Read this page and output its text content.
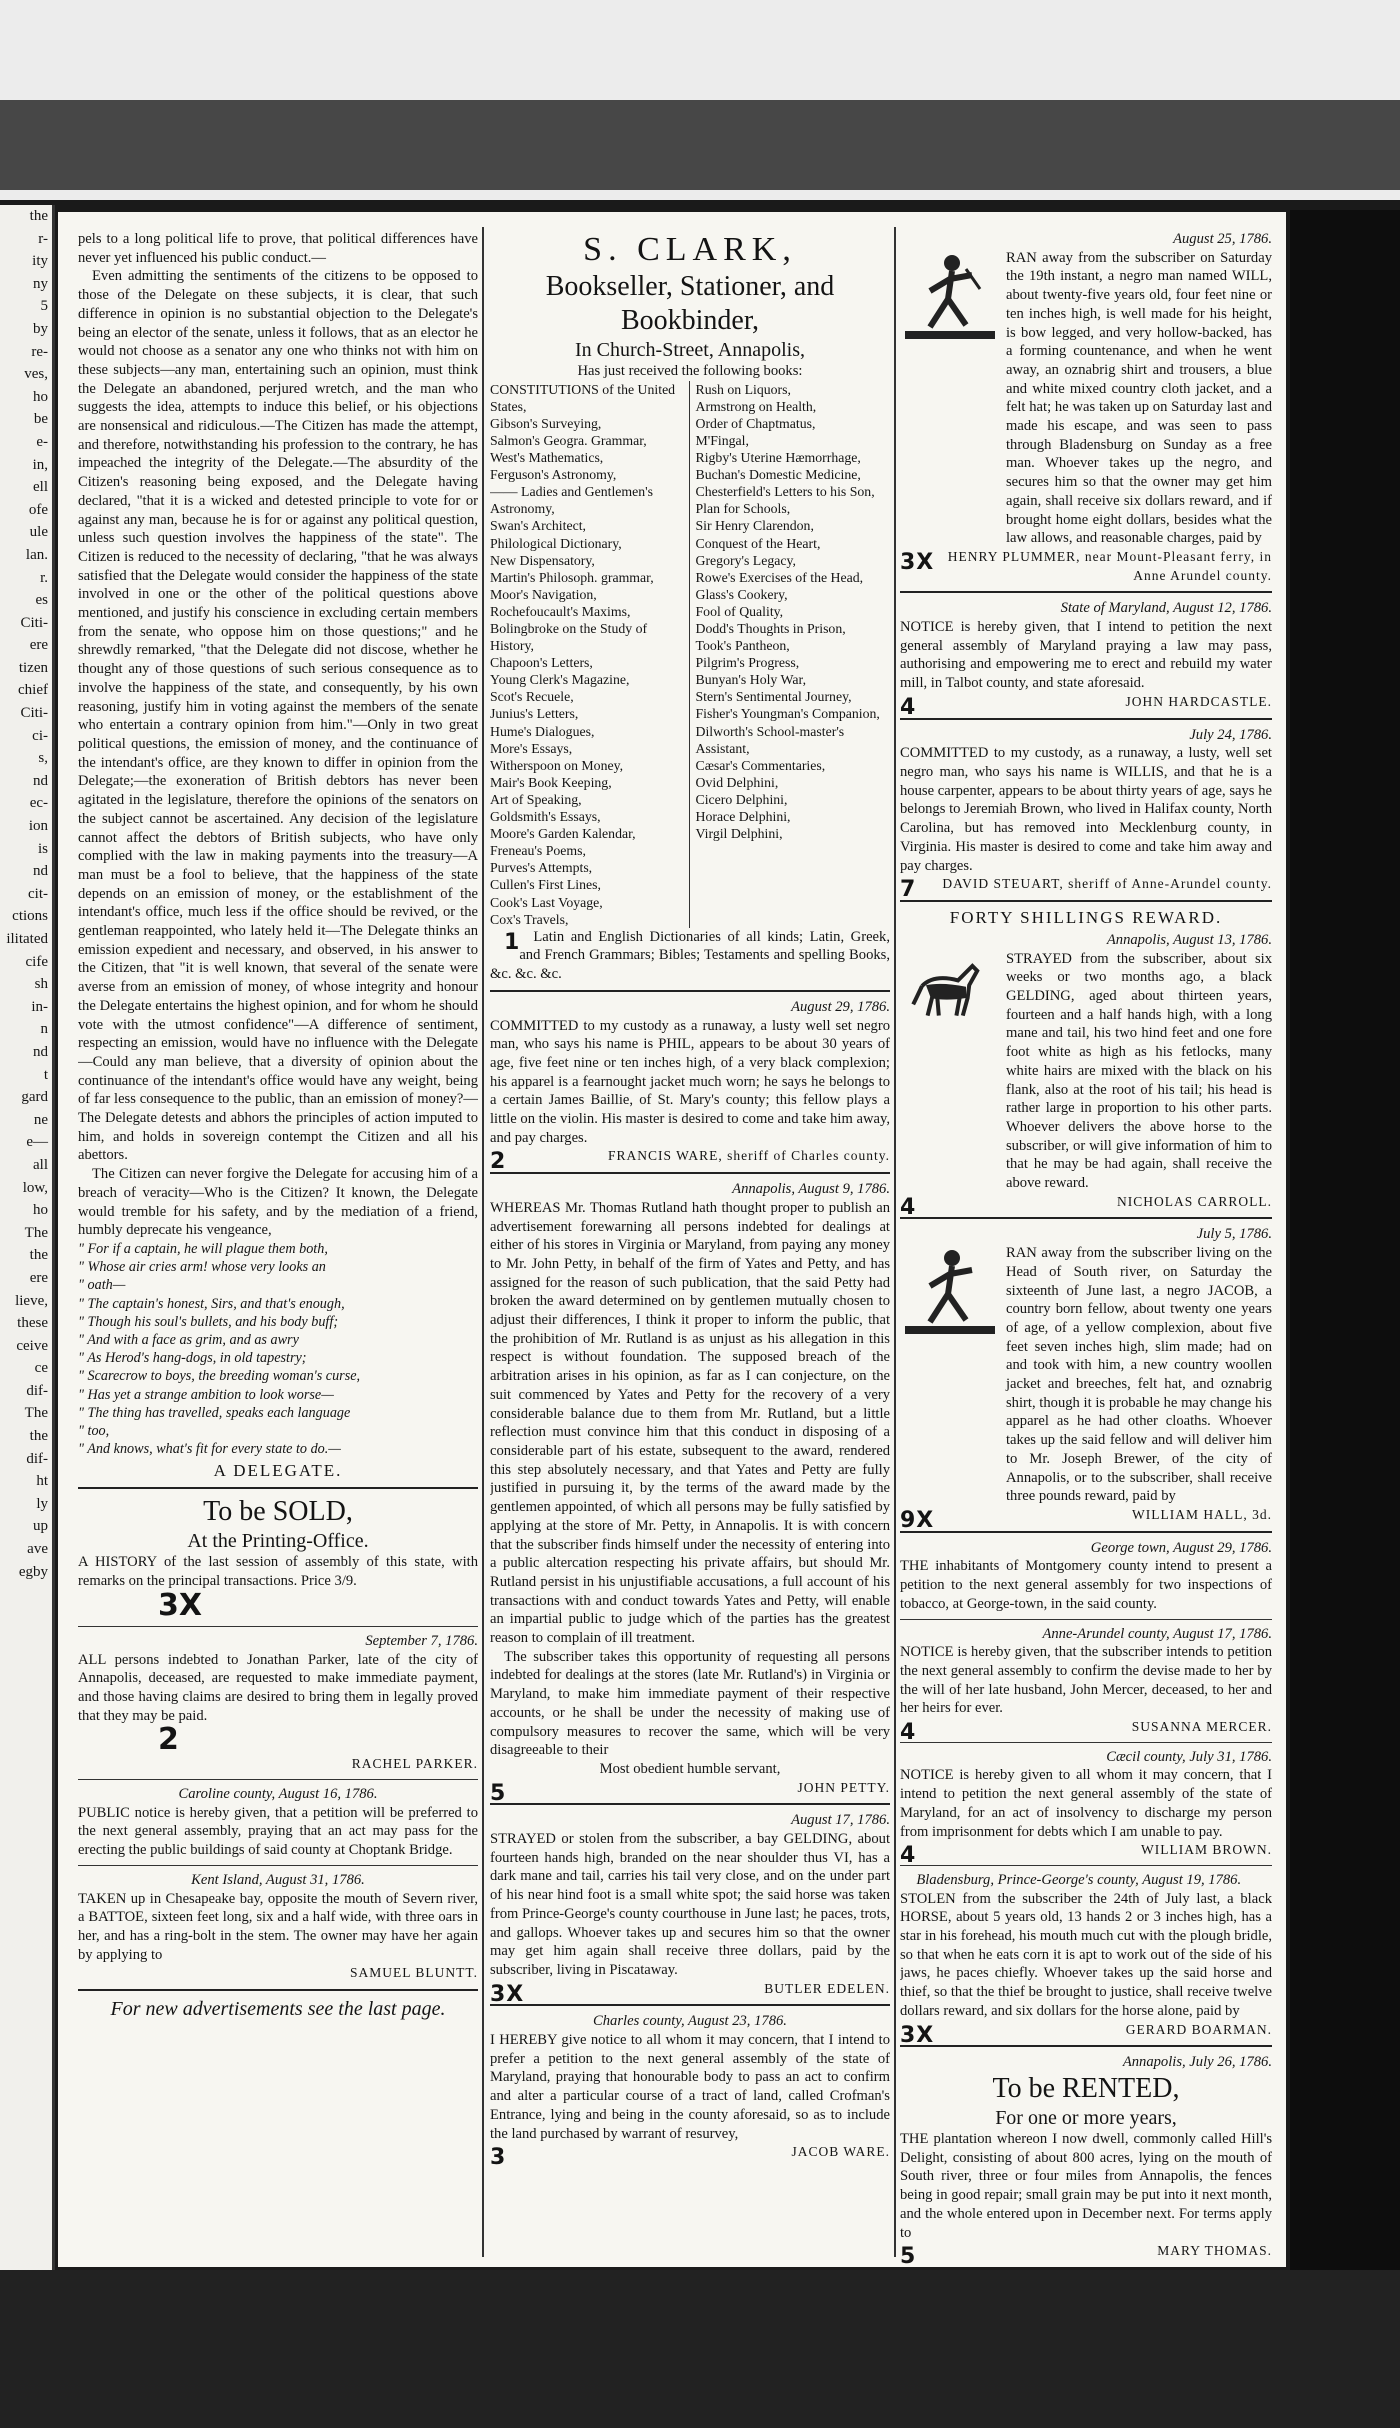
the
r-
ity
ny
5
by
re-
ves,
ho
be
e-
in,
ell
ofe
ule
lan.
r.
es
Citi-
ere
tizen
chief
Citi-
ci-
s,
nd
ec-
ion
is
nd
cit-
ctions
ilitated
cife
sh
in-
n
nd
t
gard
ne
e—
all
low,
ho
The
the
ere
lieve,
these
ceive
ce
dif-
The
the
dif-
ht
ly
up
ave
egby

pels to a long political life to prove, that political differences have never yet influenced his public conduct.—

Even admitting the sentiments of the citizens to be opposed to those of the Delegate on these subjects, it is clear, that such difference in opinion is no substantial objection to the Delegate's being an elector of the senate, unless it follows, that as an elector he would not choose as a senator any one who thinks not with him on these subjects—any man, entertaining such an opinion, must think the Delegate an abandoned, perjured wretch, and the man who suggests the idea, attempts to induce this belief, or his objections are nonsensical and ridiculous.—The Citizen has made the attempt, and therefore, notwithstanding his profession to the contrary, he has impeached the integrity of the Delegate.—The absurdity of the Citizen's reasoning being exposed, and the Delegate having declared, "that it is a wicked and detested principle to vote for or against any man, because he is for or against any political question, unless such question involves the happiness of the state". The Citizen is reduced to the necessity of declaring, "that he was always satisfied that the Delegate would consider the happiness of the state involved in one or the other of the political questions above mentioned, and justify his conscience in excluding certain members from the senate, who oppose him on those questions;" and he shrewdly remarked, "that the Delegate did not discose, whether he thought any of those questions of such serious consequence as to involve the happiness of the state, and consequently, by his own reasoning, justify him in voting against the members of the senate who entertain a contrary opinion from him."—Only in two great political questions, the emission of money, and the continuance of the intendant's office, are they known to differ in opinion from the Delegate;—the exoneration of British debtors has never been agitated in the legislature, therefore the opinions of the senators on the subject cannot be ascertained. Any decision of the legislature cannot affect the debtors of British subjects, who have only complied with the law in making payments into the treasury—A man must be a fool to believe, that the happiness of the state depends on an emission of money, or the establishment of the intendant's office, much less if the office should be revived, or the gentleman reappointed, who lately held it—The Delegate thinks an emission expedient and necessary, and observed, in his answer to the Citizen, that "it is well known, that several of the senate were averse from an emission of money, of whose integrity and honour the Delegate entertains the highest opinion, and for whom he should vote with the utmost confidence"—A difference of sentiment, respecting an emission, would have no influence with the Delegate—Could any man believe, that a diversity of opinion about the continuance of the intendant's office would have any weight, being of far less consequence to the public, than an emission of money?—The Delegate detests and abhors the principles of action imputed to him, and holds in sovereign contempt the Citizen and all his abettors.

The Citizen can never forgive the Delegate for accusing him of a breach of veracity—Who is the Citizen? It known, the Delegate would tremble for his safety, and by the mediation of a friend, humbly deprecate his vengeance,

" For if a captain, he will plague them both,
" Whose air cries arm! whose very looks an
" oath—
" The captain's honest, Sirs, and that's enough,
" Though his soul's bullets, and his body buff;
" And with a face as grim, and as awry
" As Herod's hang-dogs, in old tapestry;
" Scarecrow to boys, the breeding woman's curse,
" Has yet a strange ambition to look worse—
" The thing has travelled, speaks each language
" too,
" And knows, what's fit for every state to do.—
A DELEGATE.
To be SOLD,
At the Printing-Office.

A HISTORY of the last session of assembly of this state, with remarks on the principal transactions. Price 3/9.

3X

September 7, 1786.

ALL persons indebted to Jonathan Parker, late of the city of Annapolis, deceased, are requested to make immediate payment, and those having claims are desired to bring them in legally proved that they may be paid.

2

RACHEL PARKER.

Caroline county, August 16, 1786.

PUBLIC notice is hereby given, that a petition will be preferred to the next general assembly, praying that an act may pass for the erecting the public buildings of said county at Choptank Bridge.

Kent Island, August 31, 1786.

TAKEN up in Chesapeake bay, opposite the mouth of Severn river, a BATTOE, sixteen feet long, six and a half wide, with three oars in her, and has a ring-bolt in the stem. The owner may have her again by applying to

SAMUEL BLUNTT.

For new advertisements see the last page.

S. CLARK,
Bookseller, Stationer, and Bookbinder,
In Church-Street, Annapolis,

Has just received the following books:

CONSTITUTIONS of the United States,
Gibson's Surveying,
Salmon's Geogra. Grammar,
West's Mathematics,
Ferguson's Astronomy,
—— Ladies and Gentlemen's Astronomy,
Swan's Architect,
Philological Dictionary,
New Dispensatory,
Martin's Philosoph. grammar,
Moor's Navigation,
Rochefoucault's Maxims,
Bolingbroke on the Study of History,
Chapoon's Letters,
Young Clerk's Magazine,
Scot's Recuele,
Junius's Letters,
Hume's Dialogues,
More's Essays,
Witherspoon on Money,
Mair's Book Keeping,
Art of Speaking,
Goldsmith's Essays,
Moore's Garden Kalendar,
Freneau's Poems,
Purves's Attempts,
Cullen's First Lines,
Cook's Last Voyage,
Cox's Travels,
Rush on Liquors,
Armstrong on Health,
Order of Chaptmatus,
M'Fingal,
Rigby's Uterine Hæmorrhage,
Buchan's Domestic Medicine,
Chesterfield's Letters to his Son,
Plan for Schools,
Sir Henry Clarendon,
Conquest of the Heart,
Gregory's Legacy,
Rowe's Exercises of the Head,
Glass's Cookery,
Fool of Quality,
Dodd's Thoughts in Prison,
Took's Pantheon,
Pilgrim's Progress,
Bunyan's Holy War,
Stern's Sentimental Journey,
Fisher's Youngman's Companion,
Dilworth's School-master's Assistant,
Cæsar's Commentaries,
Ovid Delphini,
Cicero Delphini,
Horace Delphini,
Virgil Delphini,

1 Latin and English Dictionaries of all kinds; Latin, Greek, and French Grammars; Bibles; Testaments and spelling Books, &c. &c. &c.

August 29, 1786.

COMMITTED to my custody as a runaway, a lusty well set negro man, who says his name is PHIL, appears to be about 30 years of age, five feet nine or ten inches high, of a very black complexion; his apparel is a fearnought jacket much worn; he says he belongs to a certain James Baillie, of St. Mary's county; this fellow plays a little on the violin. His master is desired to come and take him away, and pay charges.

2	FRANCIS WARE, sheriff of Charles county.

Annapolis, August 9, 1786.

WHEREAS Mr. Thomas Rutland hath thought proper to publish an advertisement forewarning all persons indebted for dealings at either of his stores in Virginia or Maryland, from paying any money to Mr. John Petty, in behalf of the firm of Yates and Petty, and has assigned for the reason of such publication, that the said Petty had broken the award determined on by gentlemen mutually chosen to adjust their differences, I think it proper to inform the public, that the prohibition of Mr. Rutland is as unjust as his allegation in this respect is without foundation. The supposed breach of the arbitration arises in his opinion, as far as I can conjecture, on the suit commenced by Yates and Petty for the recovery of a very considerable balance due to them from Mr. Rutland, but a little reflection must convince him that this conduct in disposing of a considerable part of his estate, subsequent to the award, rendered this step absolutely necessary, and that Yates and Petty are fully justified in pursuing it, by the terms of the award made by the gentlemen appointed, of which all persons may be fully satisfied by applying at the store of Mr. Petty, in Annapolis. It is with concern that the subscriber finds himself under the necessity of entering into a public altercation respecting his private affairs, but should Mr. Rutland persist in his unjustifiable accusations, a full account of his transactions with and conduct towards Yates and Petty, will enable an impartial public to judge which of the parties has the greatest reason to complain of ill treatment.

The subscriber takes this opportunity of requesting all persons indebted for dealings at the stores (late Mr. Rutland's) in Virginia or Maryland, to make him immediate payment of their respective accounts, or he shall be under the necessity of making use of compulsory measures to recover the same, which will be very disagreeable to their

Most obedient humble servant,

5	JOHN PETTY.

August 17, 1786.

STRAYED or stolen from the subscriber, a bay GELDING, about fourteen hands high, branded on the near shoulder thus VI, has a dark mane and tail, carries his tail very close, and on the under part of his near hind foot is a small white spot; the said horse was taken from Prince-George's county courthouse in June last; he paces, trots, and gallops. Whoever takes up and secures him so that the owner may get him again shall receive three dollars, paid by the subscriber, living in Piscataway.

3X	BUTLER EDELEN.

Charles county, August 23, 1786.

I HEREBY give notice to all whom it may concern, that I intend to prefer a petition to the next general assembly of the state of Maryland, praying that honourable body to pass an act to confirm and alter a particular course of a tract of land, called Crofman's Entrance, lying and being in the county aforesaid, so as to include the land purchased by warrant of resurvey,

3	JACOB WARE.

August 25, 1786.

RAN away from the subscriber on Saturday the 19th instant, a negro man named WILL, about twenty-five years old, four feet nine or ten inches high, is well made for his height, is bow legged, and very hollow-backed, has a forming countenance, and when he went away, an oznabrig shirt and trousers, a blue and white mixed country cloth jacket, and a felt hat; he was taken up on Saturday last and made his escape, and was seen to pass through Bladensburg on Sunday as a free man. Whoever takes up the negro, and secures him so that the owner may get him again, shall receive six dollars reward, and if brought home eight dollars, besides what the law allows, and reasonable charges, paid by

3X HENRY PLUMMER, near Mount-Pleasant ferry, in Anne Arundel county.

State of Maryland, August 12, 1786.

NOTICE is hereby given, that I intend to petition the next general assembly of Maryland praying a law may pass, authorising and empowering me to erect and rebuild my water mill, in Talbot county, and state aforesaid.

4	JOHN HARDCASTLE.

July 24, 1786.

COMMITTED to my custody, as a runaway, a lusty, well set negro man, who says his name is WILLIS, and that he is a house carpenter, appears to be about thirty years of age, says he belongs to Jeremiah Brown, who lived in Halifax county, North Carolina, but has removed into Mecklenburg county, in Virginia. His master is desired to come and take him away and pay charges.

7 DAVID STEUART, sheriff of Anne-Arundel county.

FORTY SHILLINGS REWARD.

Annapolis, August 13, 1786.

STRAYED from the subscriber, about six weeks or two months ago, a black GELDING, aged about thirteen years, fourteen and a half hands high, with a long mane and tail, his two hind feet and one fore foot white as high as his fetlocks, many white hairs are mixed with the black on his flank, also at the root of his tail; his head is rather large in proportion to his other parts. Whoever delivers the above horse to the subscriber, or will give information of him to that he may be had again, shall receive the above reward.

4	NICHOLAS CARROLL.

July 5, 1786.

RAN away from the subscriber living on the Head of South river, on Saturday the sixteenth of June last, a negro JACOB, a country born fellow, about twenty one years of age, of a yellow complexion, about five feet seven inches high, slim made; had on and took with him, a new country woollen jacket and breeches, felt hat, and oznabrig shirt, though it is probable he may change his apparel as he had other cloaths. Whoever takes up the said fellow and will deliver him to Mr. Joseph Brewer, of the city of Annapolis, or to the subscriber, shall receive three pounds reward, paid by

9X	WILLIAM HALL, 3d.

George town, August 29, 1786.

THE inhabitants of Montgomery county intend to present a petition to the next general assembly for two inspections of tobacco, at George-town, in the said county.

Anne-Arundel county, August 17, 1786.

NOTICE is hereby given, that the subscriber intends to petition the next general assembly to confirm the devise made to her by the will of her late husband, John Mercer, deceased, to her and her heirs for ever.

4	SUSANNA MERCER.

Cæcil county, July 31, 1786.

NOTICE is hereby given to all whom it may concern, that I intend to petition the next general assembly of the state of Maryland, for an act of insolvency to discharge my person from imprisonment for debts which I am unable to pay.

4	WILLIAM BROWN.

Bladensburg, Prince-George's county, August 19, 1786.

STOLEN from the subscriber the 24th of July last, a black HORSE, about 5 years old, 13 hands 2 or 3 inches high, has a star in his forehead, his mouth much cut with the plough bridle, so that when he eats corn it is apt to work out of the side of his jaws, he paces chiefly. Whoever takes up the said horse and thief, so that the thief be brought to justice, shall receive twelve dollars reward, and six dollars for the horse alone, paid by

3X	GERARD BOARMAN.

Annapolis, July 26, 1786.

To be RENTED,
For one or more years,

THE plantation whereon I now dwell, commonly called Hill's Delight, consisting of about 800 acres, lying on the mouth of South river, three or four miles from Annapolis, the fences being in good repair; small grain may be put into it next month, and the whole entered upon in December next. For terms apply to

5	MARY THOMAS.
